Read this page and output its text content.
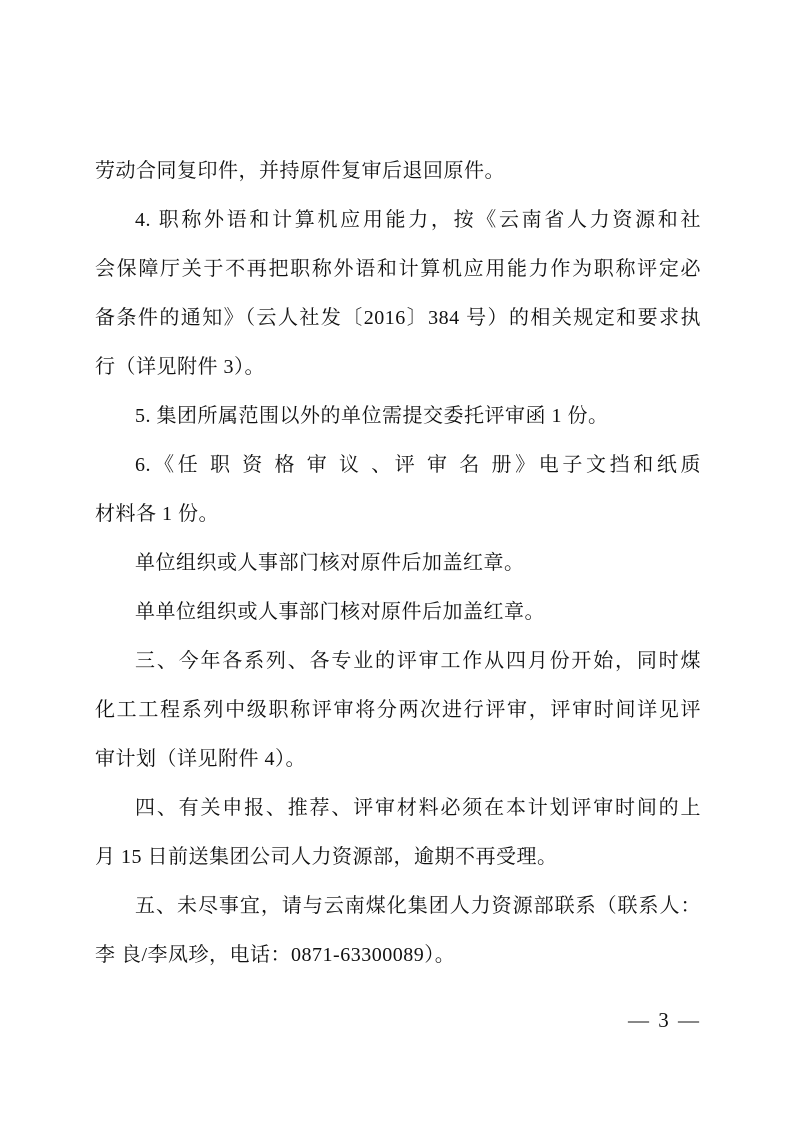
劳动合同复印件，并持原件复审后退回原件。
4. 职称外语和计算机应用能力，按《云南省人力资源和社
会保障厅关于不再把职称外语和计算机应用能力作为职称评定必
备条件的通知》（云人社发〔2016〕384 号）的相关规定和要求执
行（详见附件 3）。
5. 集团所属范围以外的单位需提交委托评审函 1 份。
6.《任 职 资 格 审 议 、评 审 名 册》电子文挡和纸质
材料各 1 份。
单位组织或人事部门核对原件后加盖红章。
单单位组织或人事部门核对原件后加盖红章。
三、今年各系列、各专业的评审工作从四月份开始，同时煤
化工工程系列中级职称评审将分两次进行评审，评审时间详见评
审计划（详见附件 4）。
四、有关申报、推荐、评审材料必须在本计划评审时间的上
月 15 日前送集团公司人力资源部，逾期不再受理。
五、未尽事宜，请与云南煤化集团人力资源部联系（联系人：
李 良/李凤珍，电话：0871-63300089）。
— 3 —
